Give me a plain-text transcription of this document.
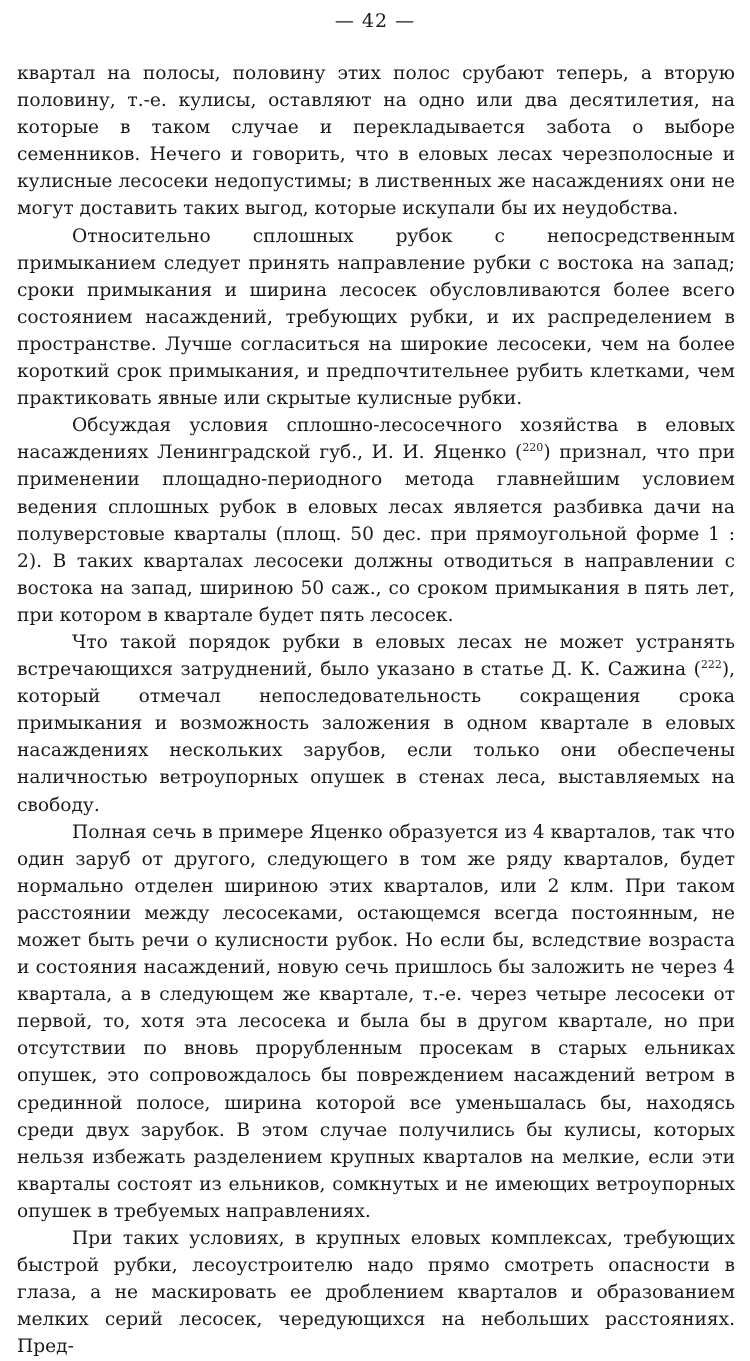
— 42 —

квартал на полосы, половину этих полос срубают теперь, а вторую половину, т.-е. кулисы, оставляют на одно или два десятилетия, на которые в таком случае и перекладывается забота о выборе семенников. Нечего и говорить, что в еловых лесах черезполосные и кулисные лесосеки недопустимы; в лиственных же насаждениях они не могут доставить таких выгод, которые искупали бы их неудобства.

Относительно сплошных рубок с непосредственным примыканием следует принять направление рубки с востока на запад; сроки примыкания и ширина лесосек обусловливаются более всего состоянием насаждений, требующих рубки, и их распределением в пространстве. Лучше согласиться на широкие лесосеки, чем на более короткий срок примыкания, и предпочтительнее рубить клетками, чем практиковать явные или скрытые кулисные рубки.

Обсуждая условия сплошно-лесосечного хозяйства в еловых насаждениях Ленинградской губ., И. И. Яценко ($^{220}$) признал, что при применении площадно-периодного метода главнейшим условием ведения сплошных рубок в еловых лесах является разбивка дачи на полуверстовые кварталы (площ. 50 дес. при прямоугольной форме 1 : 2). В таких кварталах лесосеки должны отводиться в направлении с востока на запад, шириною 50 саж., со сроком примыкания в пять лет, при котором в квартале будет пять лесосек.

Что такой порядок рубки в еловых лесах не может устранять встречающихся затруднений, было указано в статье Д. К. Сажина ($^{222}$), который отмечал непоследовательность сокращения срока примыкания и возможность заложения в одном квартале в еловых насаждениях нескольких зарубов, если только они обеспечены наличностью ветроупорных опушек в стенах леса, выставляемых на свободу.

Полная сечь в примере Яценко образуется из 4 кварталов, так что один заруб от другого, следующего в том же ряду кварталов, будет нормально отделен шириною этих кварталов, или 2 клм. При таком расстоянии между лесосеками, остающемся всегда постоянным, не может быть речи о кулисности рубок. Но если бы, вследствие возраста и состояния насаждений, новую сечь пришлось бы заложить не через 4 квартала, а в следующем же квартале, т.-е. через четыре лесосеки от первой, то, хотя эта лесосека и была бы в другом квартале, но при отсутствии по вновь прорубленным просекам в старых ельниках опушек, это сопровождалось бы повреждением насаждений ветром в срединной полосе, ширина которой все уменьшалась бы, находясь среди двух зарубок. В этом случае получились бы кулисы, которых нельзя избежать разделением крупных кварталов на мелкие, если эти кварталы состоят из ельников, сомкнутых и не имеющих ветроупорных опушек в требуемых направлениях.

При таких условиях, в крупных еловых комплексах, требующих быстрой рубки, лесоустроителю надо прямо смотреть опасности в глаза, а не маскировать ее дроблением кварталов и образованием мелких серий лесосек, чередующихся на небольших расстояниях. Пред-
